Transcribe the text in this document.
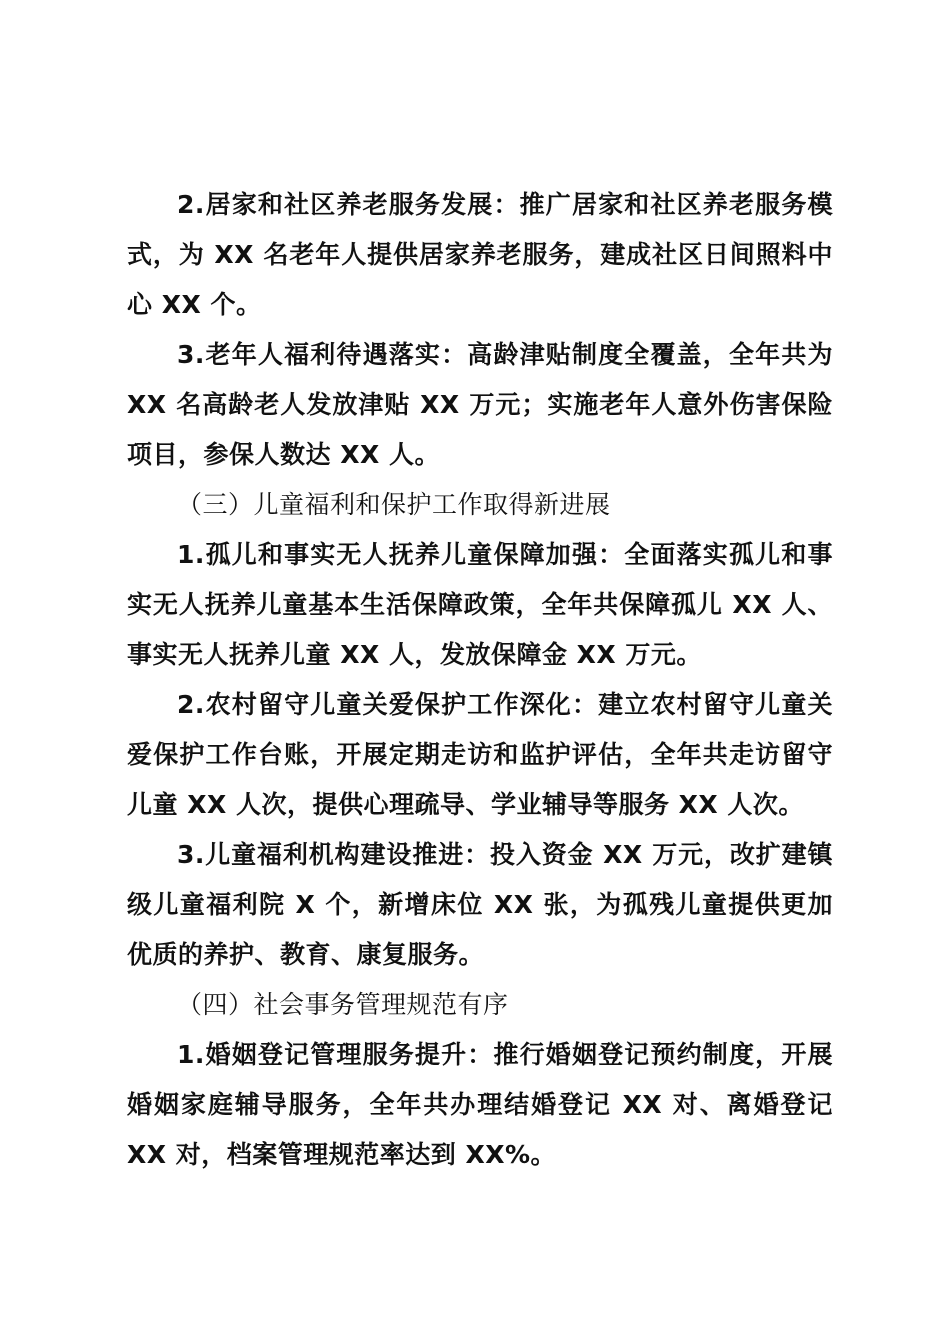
2.居家和社区养老服务发展：推广居家和社区养老服务模式，为 XX 名老年人提供居家养老服务，建成社区日间照料中心 XX 个。

3.老年人福利待遇落实：高龄津贴制度全覆盖，全年共为 XX 名高龄老人发放津贴 XX 万元；实施老年人意外伤害保险项目，参保人数达 XX 人。

（三）儿童福利和保护工作取得新进展

1.孤儿和事实无人抚养儿童保障加强：全面落实孤儿和事实无人抚养儿童基本生活保障政策，全年共保障孤儿 XX 人、事实无人抚养儿童 XX 人，发放保障金 XX 万元。

2.农村留守儿童关爱保护工作深化：建立农村留守儿童关爱保护工作台账，开展定期走访和监护评估，全年共走访留守儿童 XX 人次，提供心理疏导、学业辅导等服务 XX 人次。

3.儿童福利机构建设推进：投入资金 XX 万元，改扩建镇级儿童福利院 X 个，新增床位 XX 张，为孤残儿童提供更加优质的养护、教育、康复服务。

（四）社会事务管理规范有序

1.婚姻登记管理服务提升：推行婚姻登记预约制度，开展婚姻家庭辅导服务，全年共办理结婚登记 XX 对、离婚登记 XX 对，档案管理规范率达到 XX%。
